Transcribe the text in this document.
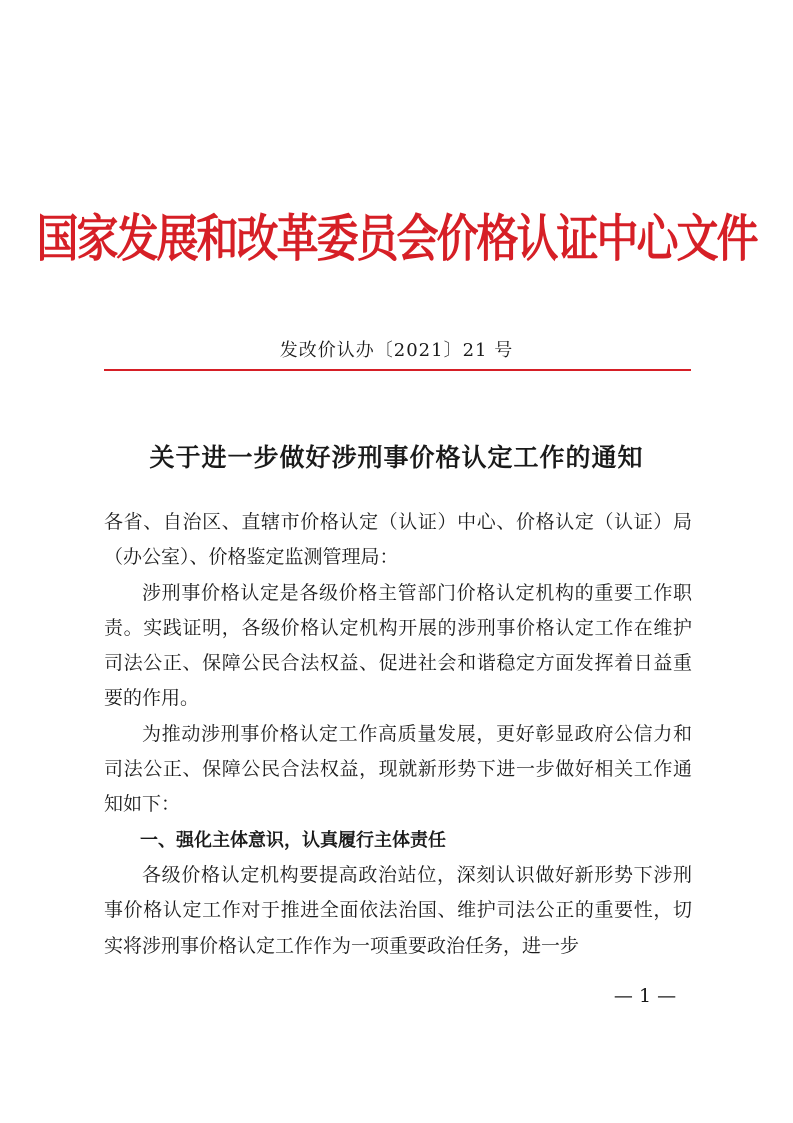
国家发展和改革委员会价格认证中心文件
发改价认办〔2021〕21 号
关于进一步做好涉刑事价格认定工作的通知

各省、自治区、直辖市价格认定（认证）中心、价格认定（认证）局（办公室）、价格鉴定监测管理局：

涉刑事价格认定是各级价格主管部门价格认定机构的重要工作职责。实践证明，各级价格认定机构开展的涉刑事价格认定工作在维护司法公正、保障公民合法权益、促进社会和谐稳定方面发挥着日益重要的作用。

为推动涉刑事价格认定工作高质量发展，更好彰显政府公信力和司法公正、保障公民合法权益，现就新形势下进一步做好相关工作通知如下：

一、强化主体意识，认真履行主体责任

各级价格认定机构要提高政治站位，深刻认识做好新形势下涉刑事价格认定工作对于推进全面依法治国、维护司法公正的重要性，切实将涉刑事价格认定工作作为一项重要政治任务，进一步

— 1 —
